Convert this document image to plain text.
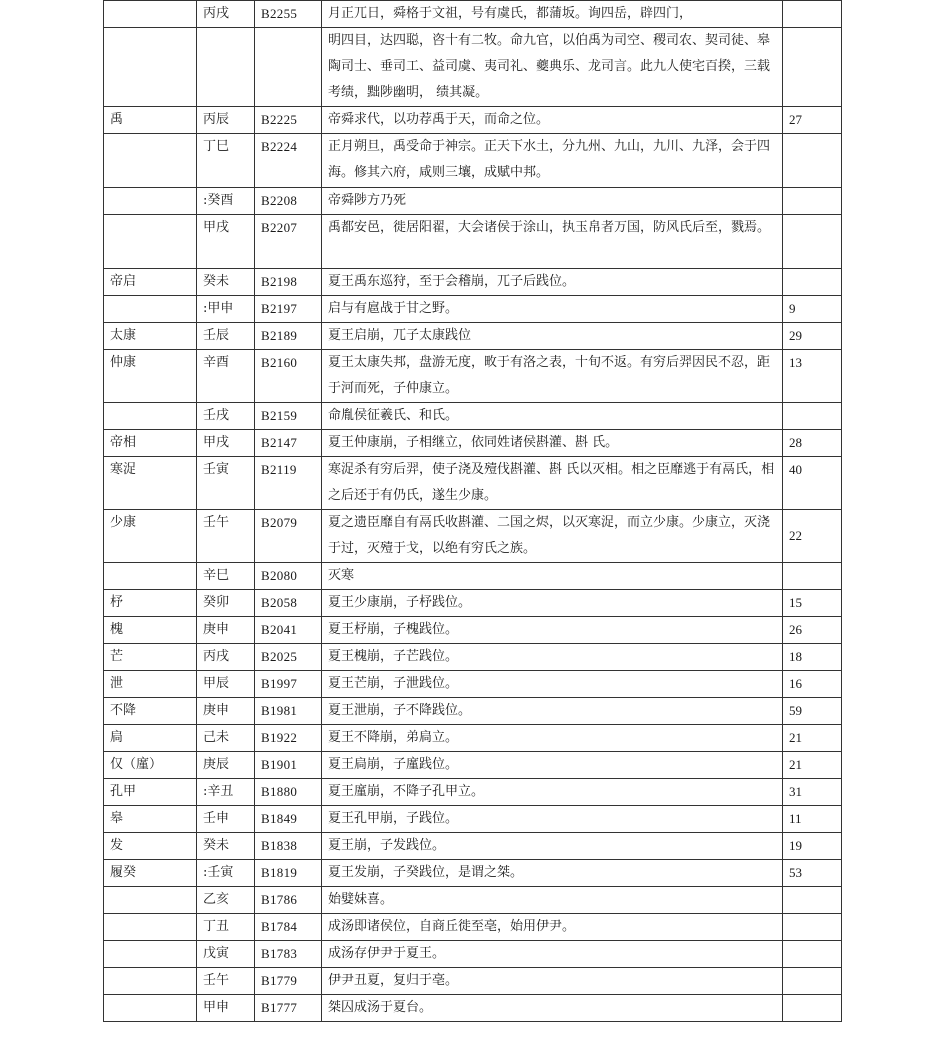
	丙戌	B2255	月正兀日，舜格于文祖，号有虞氏，都蒲坂。询四岳，辟四门，	
			明四目，达四聪，咨十有二牧。命九官，以伯禹为司空、稷司农、契司徒、皋陶司士、垂司工、益司虞、夷司礼、夔典乐、龙司言。此九人使宅百揆，三载考绩，黜陟幽明， 绩其凝。	
禹	丙辰	B2225	帝舜求代，以功荐禹于天，而命之位。	27
	丁巳	B2224	正月朔旦，禹受命于神宗。正天下水土，分九州、九山，九川、九泽，会于四海。修其六府，咸则三壤，成赋中邦。	
	:癸酉	B2208	帝舜陟方乃死	
	甲戌	B2207	禹都安邑，徙居阳翟，大会诸侯于涂山，执玉帛者万国，防风氏后至，戮焉。	
帝启	癸未	B2198	夏王禹东巡狩，至于会稽崩，兀子后践位。	
	:甲申	B2197	启与有扈战于甘之野。	9
太康	壬辰	B2189	夏王启崩，兀子太康践位	29
仲康	辛酉	B2160	夏王太康失邦，盘游无度，畋于有洛之表，十旬不返。有穷后羿因民不忍，距于河而死，子仲康立。	13
	壬戌	B2159	命胤侯征羲氏、和氏。	
帝相	甲戌	B2147	夏王仲康崩，子相继立，依同姓诸侯斟灌、斟 氏。	28
寒浞	壬寅	B2119	寒浞杀有穷后羿，使子浇及殪伐斟灌、斟 氏以灭相。相之臣靡逃于有鬲氏，相之后还于有仍氏，遂生少康。	40
少康	壬午	B2079	夏之遗臣靡自有鬲氏收斟灌、二国之烬，以灭寒浞，而立少康。少康立，灭浇于过，灭殪于戈，以绝有穷氏之族。	22
	辛巳	B2080	灭寒	
杼	癸卯	B2058	夏王少康崩，子杼践位。	15
槐	庚申	B2041	夏王杼崩，子槐践位。	26
芒	丙戌	B2025	夏王槐崩，子芒践位。	18
泄	甲辰	B1997	夏王芒崩，子泄践位。	16
不降	庚申	B1981	夏王泄崩，子不降践位。	59
扃	己未	B1922	夏王不降崩，弟扃立。	21
仅（廑）	庚辰	B1901	夏王扃崩，子廑践位。	21
孔甲	:辛丑	B1880	夏王廑崩，不降子孔甲立。	31
皋	壬申	B1849	夏王孔甲崩，子践位。	11
发	癸未	B1838	夏王崩，子发践位。	19
履癸	:壬寅	B1819	夏王发崩，子癸践位，是谓之桀。	53
	乙亥	B1786	始嬖妹喜。	
	丁丑	B1784	成汤即诸侯位，自商丘徙至亳，始用伊尹。	
	戊寅	B1783	成汤存伊尹于夏王。	
	壬午	B1779	伊尹丑夏，复归于亳。	
	甲申	B1777	桀囚成汤于夏台。	
